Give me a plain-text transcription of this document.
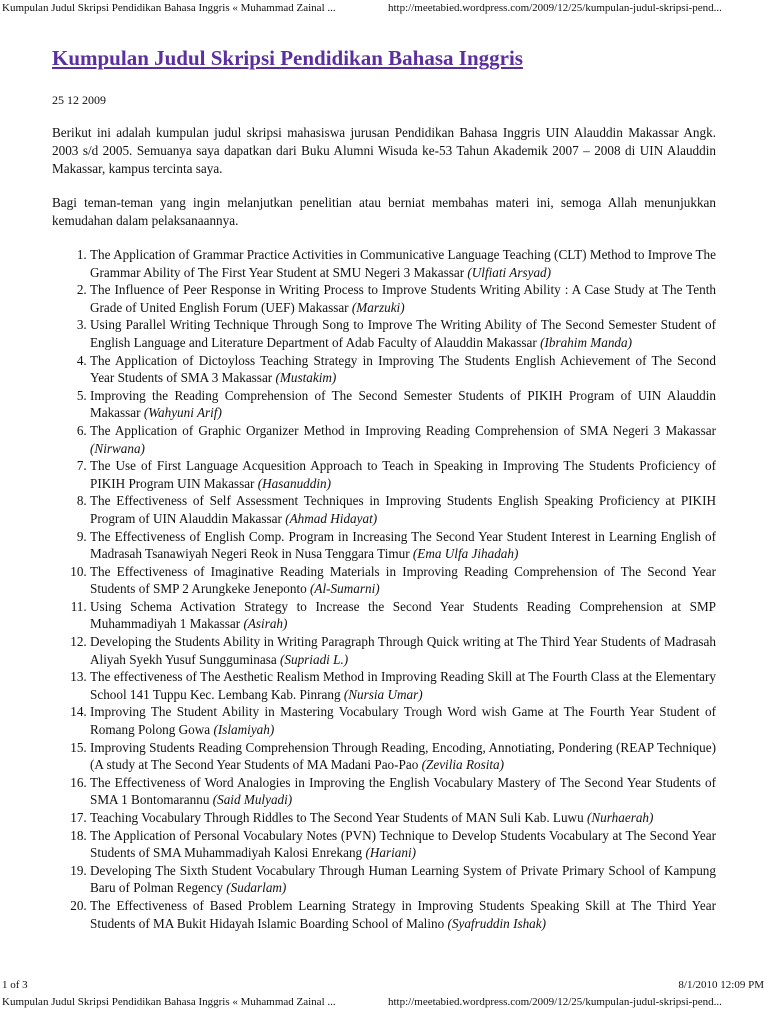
Kumpulan Judul Skripsi Pendidikan Bahasa Inggris « Muhammad Zainal ...	http://meetabied.wordpress.com/2009/12/25/kumpulan-judul-skripsi-pend...
Kumpulan Judul Skripsi Pendidikan Bahasa Inggris
25 12 2009

Berikut ini adalah kumpulan judul skripsi mahasiswa jurusan Pendidikan Bahasa Inggris UIN Alauddin Makassar Angk. 2003 s/d 2005. Semuanya saya dapatkan dari Buku Alumni Wisuda ke-53 Tahun Akademik 2007 – 2008 di UIN Alauddin Makassar, kampus tercinta saya.

Bagi teman-teman yang ingin melanjutkan penelitian atau berniat membahas materi ini, semoga Allah menunjukkan kemudahan dalam pelaksanaannya.

1. The Application of Grammar Practice Activities in Communicative Language Teaching (CLT) Method to Improve The Grammar Ability of The First Year Student at SMU Negeri 3 Makassar (Ulfiati Arsyad)
2. The Influence of Peer Response in Writing Process to Improve Students Writing Ability : A Case Study at The Tenth Grade of United English Forum (UEF) Makassar (Marzuki)
3. Using Parallel Writing Technique Through Song to Improve The Writing Ability of The Second Semester Student of English Language and Literature Department of Adab Faculty of Alauddin Makassar (Ibrahim Manda)
4. The Application of Dictoyloss Teaching Strategy in Improving The Students English Achievement of The Second Year Students of SMA 3 Makassar (Mustakim)
5. Improving the Reading Comprehension of The Second Semester Students of PIKIH Program of UIN Alauddin Makassar (Wahyuni Arif)
6. The Application of Graphic Organizer Method in Improving Reading Comprehension of SMA Negeri 3 Makassar (Nirwana)
7. The Use of First Language Acquesition Approach to Teach in Speaking in Improving The Students Proficiency of PIKIH Program UIN Makassar (Hasanuddin)
8. The Effectiveness of Self Assessment Techniques in Improving Students English Speaking Proficiency at PIKIH Program of UIN Alauddin Makassar (Ahmad Hidayat)
9. The Effectiveness of English Comp. Program in Increasing The Second Year Student Interest in Learning English of Madrasah Tsanawiyah Negeri Reok in Nusa Tenggara Timur (Ema Ulfa Jihadah)
10. The Effectiveness of Imaginative Reading Materials in Improving Reading Comprehension of The Second Year Students of SMP 2 Arungkeke Jeneponto (Al-Sumarni)
11. Using Schema Activation Strategy to Increase the Second Year Students Reading Comprehension at SMP Muhammadiyah 1 Makassar (Asirah)
12. Developing the Students Ability in Writing Paragraph Through Quick writing at The Third Year Students of Madrasah Aliyah Syekh Yusuf Sungguminasa (Supriadi L.)
13. The effectiveness of The Aesthetic Realism Method in Improving Reading Skill at The Fourth Class at the Elementary School 141 Tuppu Kec. Lembang Kab. Pinrang (Nursia Umar)
14. Improving The Student Ability in Mastering Vocabulary Trough Word wish Game at The Fourth Year Student of Romang Polong Gowa (Islamiyah)
15. Improving Students Reading Comprehension Through Reading, Encoding, Annotiating, Pondering (REAP Technique) (A study at The Second Year Students of MA Madani Pao-Pao (Zevilia Rosita)
16. The Effectiveness of Word Analogies in Improving the English Vocabulary Mastery of The Second Year Students of SMA 1 Bontomarannu (Said Mulyadi)
17. Teaching Vocabulary Through Riddles to The Second Year Students of MAN Suli Kab. Luwu (Nurhaerah)
18. The Application of Personal Vocabulary Notes (PVN) Technique to Develop Students Vocabulary at The Second Year Students of SMA Muhammadiyah Kalosi Enrekang (Hariani)
19. Developing The Sixth Student Vocabulary Through Human Learning System of Private Primary School of Kampung Baru of Polman Regency (Sudarlam)
20. The Effectiveness of Based Problem Learning Strategy in Improving Students Speaking Skill at The Third Year Students of MA Bukit Hidayah Islamic Boarding School of Malino (Syafruddin Ishak)
1 of 3	8/1/2010 12:09 PM
Kumpulan Judul Skripsi Pendidikan Bahasa Inggris « Muhammad Zainal ...	http://meetabied.wordpress.com/2009/12/25/kumpulan-judul-skripsi-pend...
